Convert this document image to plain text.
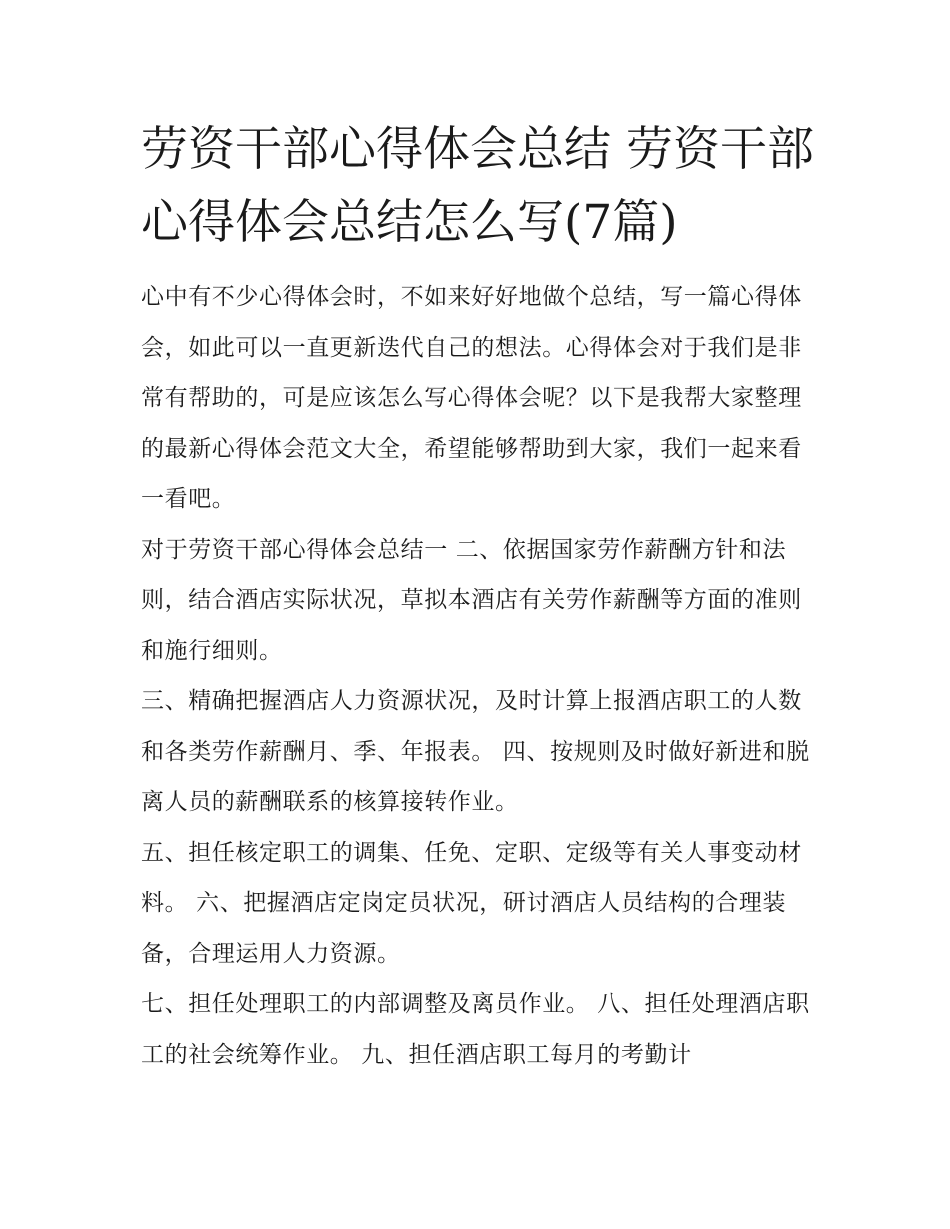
劳资干部心得体会总结 劳资干部心得体会总结怎么写(7篇)

心中有不少心得体会时，不如来好好地做个总结，写一篇心得体会，如此可以一直更新迭代自己的想法。心得体会对于我们是非常有帮助的，可是应该怎么写心得体会呢？以下是我帮大家整理的最新心得体会范文大全，希望能够帮助到大家，我们一起来看一看吧。

对于劳资干部心得体会总结一 二、依据国家劳作薪酬方针和法则，结合酒店实际状况，草拟本酒店有关劳作薪酬等方面的准则和施行细则。

三、精确把握酒店人力资源状况，及时计算上报酒店职工的人数和各类劳作薪酬月、季、年报表。 四、按规则及时做好新进和脱离人员的薪酬联系的核算接转作业。

五、担任核定职工的调集、任免、定职、定级等有关人事变动材料。 六、把握酒店定岗定员状况，研讨酒店人员结构的合理装备，合理运用人力资源。

七、担任处理职工的内部调整及离员作业。 八、担任处理酒店职工的社会统筹作业。 九、担任酒店职工每月的考勤计
